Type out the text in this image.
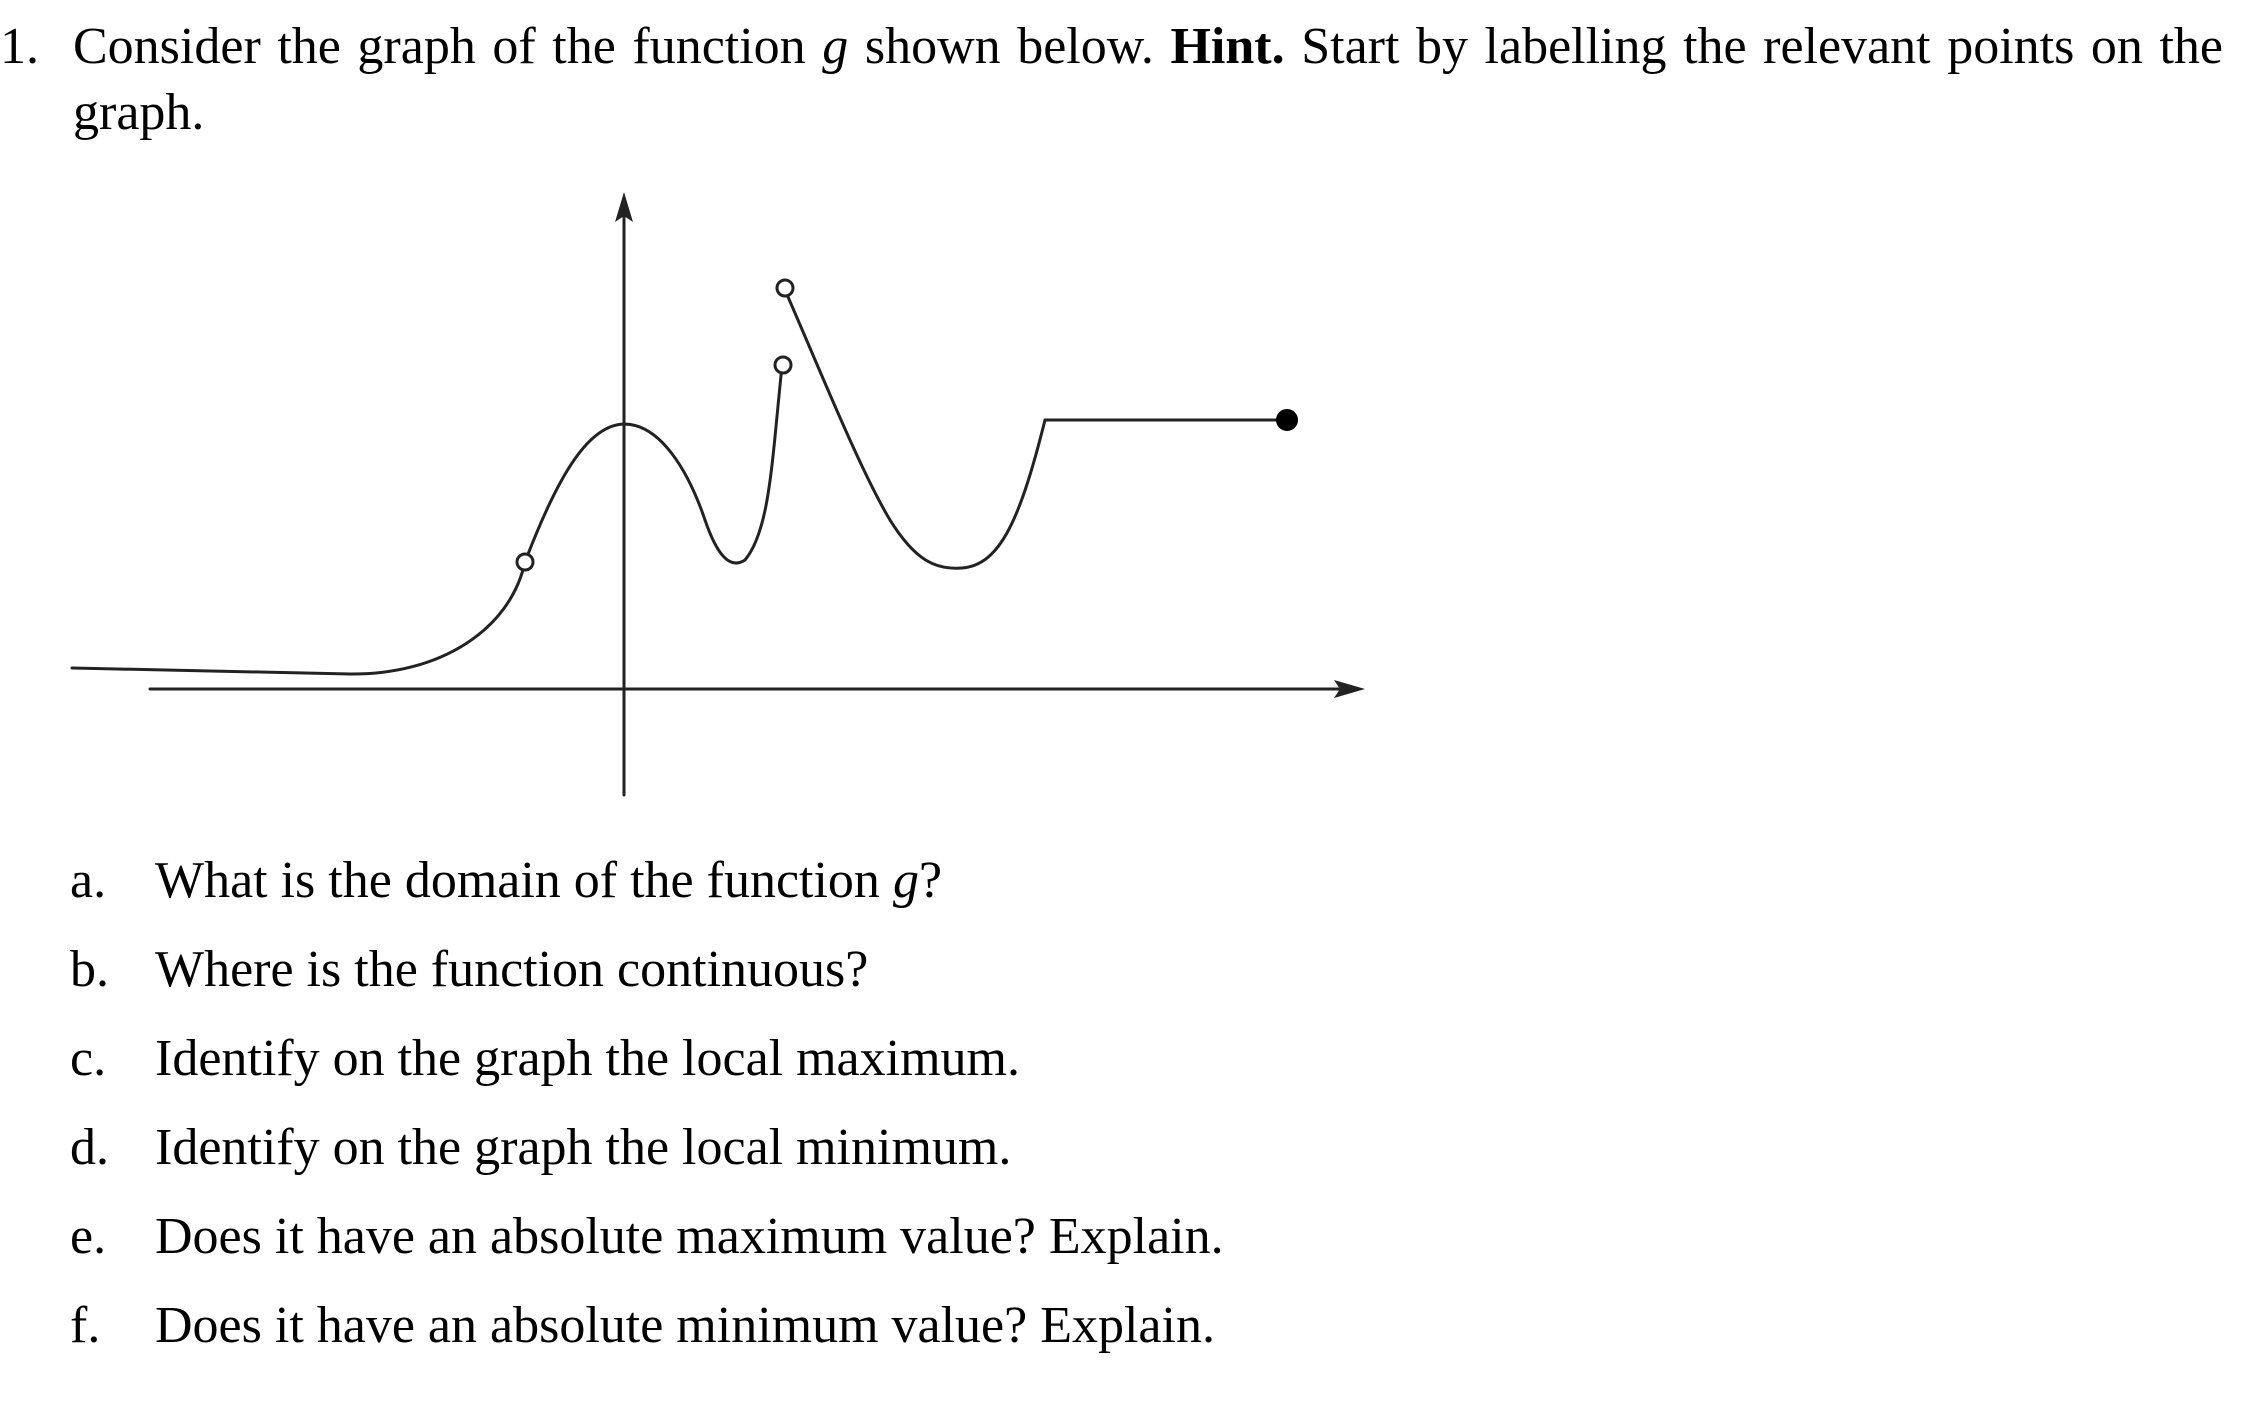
1. Consider the graph of the function g shown below. Hint. Start by labelling the relevant points on the graph.
a. What is the domain of the function g?
b. Where is the function continuous?
c. Identify on the graph the local maximum.
d. Identify on the graph the local minimum.
e. Does it have an absolute maximum value? Explain.
f. Does it have an absolute minimum value? Explain.
